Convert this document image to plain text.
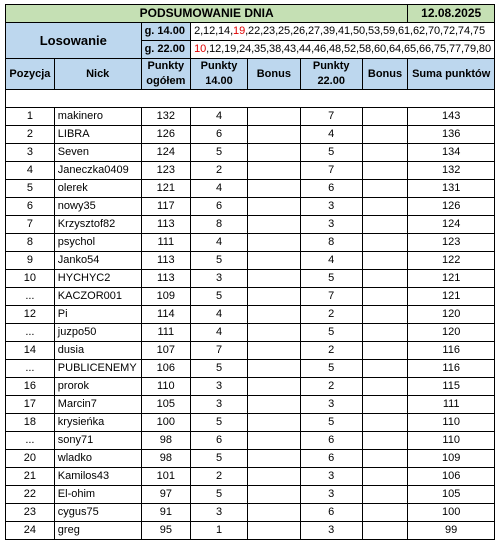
PODSUMOWANIE DNIA							12.08.2025
Losowanie		g. 14.00	2,12,14,19,22,23,25,26,27,39,41,50,53,59,61,62,70,72,74,75				
		g. 22.00	10,12,19,24,35,38,43,44,46,48,52,58,60,64,65,66,75,77,79,80				
Pozycja	Nick	Punkty ogółem	Punkty 14.00	Bonus	Punkty 22.00	Bonus	Suma punktów

1	makinero	132	4		7		143
2	LIBRA	126	6		4		136
3	Seven	124	5		5		134
4	Janeczka0409	123	2		7		132
5	olerek	121	4		6		131
6	nowy35	117	6		3		126
7	Krzysztof82	113	8		3		124
8	psychol	111	4		8		123
9	Janko54	113	5		4		122
10	HYCHYC2	113	3		5		121
...	KACZOR001	109	5		7		121
12	Pi	114	4		2		120
...	juzpo50	111	4		5		120
14	dusia	107	7		2		116
...	PUBLICENEMY	106	5		5		116
16	prorok	110	3		2		115
17	Marcin7	105	3		3		111
18	krysieńka	100	5		5		110
...	sony71	98	6		6		110
20	wladko	98	5		6		109
21	Kamilos43	101	2		3		106
22	El-ohim	97	5		3		105
23	cygus75	91	3		6		100
24	greg	95	1		3		99
